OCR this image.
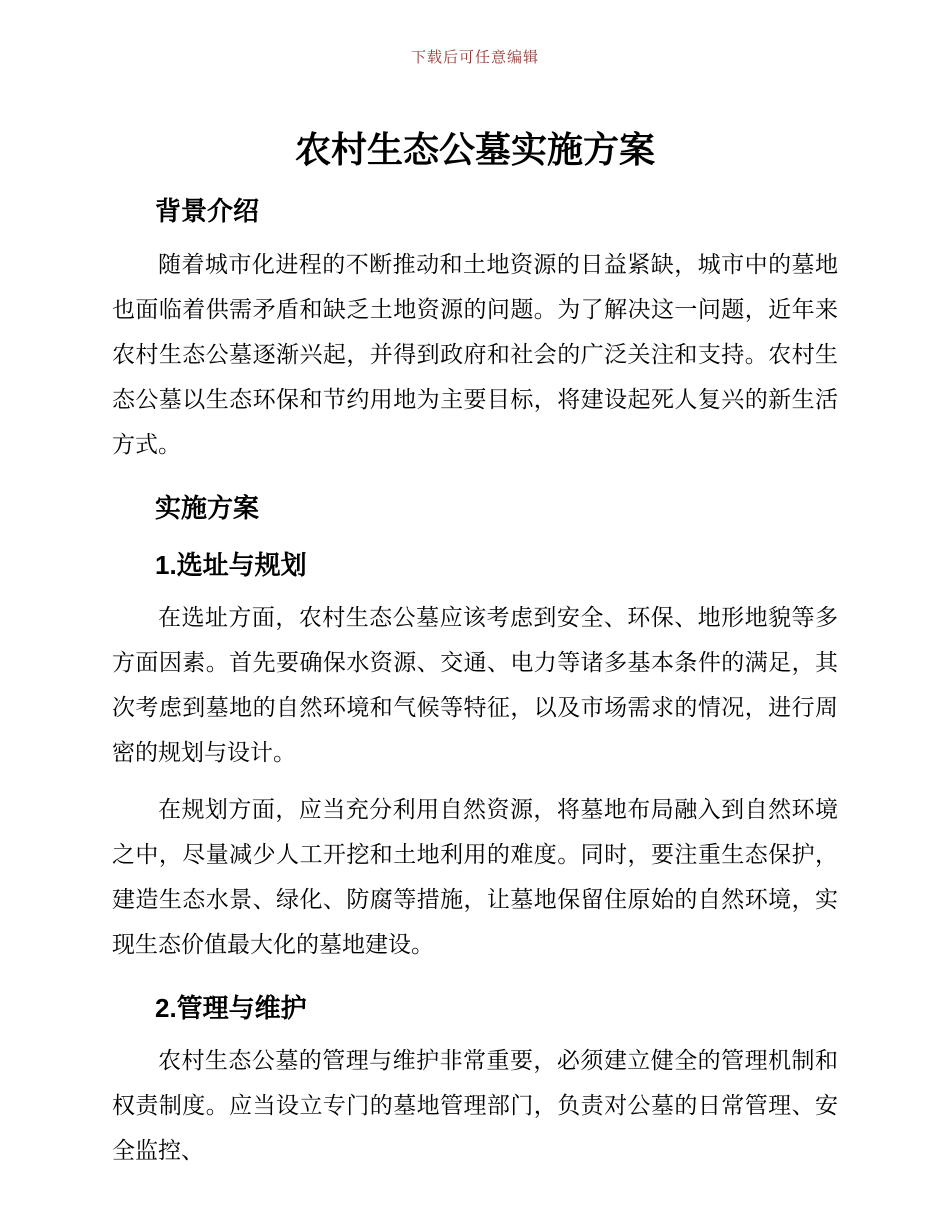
下载后可任意编辑
农村生态公墓实施方案
背景介绍

随着城市化进程的不断推动和土地资源的日益紧缺，城市中的墓地也面临着供需矛盾和缺乏土地资源的问题。为了解决这一问题，近年来农村生态公墓逐渐兴起，并得到政府和社会的广泛关注和支持。农村生态公墓以生态环保和节约用地为主要目标，将建设起死人复兴的新生活方式。

实施方案
1.选址与规划

在选址方面，农村生态公墓应该考虑到安全、环保、地形地貌等多方面因素。首先要确保水资源、交通、电力等诸多基本条件的满足，其次考虑到墓地的自然环境和气候等特征，以及市场需求的情况，进行周密的规划与设计。

在规划方面，应当充分利用自然资源，将墓地布局融入到自然环境之中，尽量减少人工开挖和土地利用的难度。同时，要注重生态保护，建造生态水景、绿化、防腐等措施，让墓地保留住原始的自然环境，实现生态价值最大化的墓地建设。

2.管理与维护

农村生态公墓的管理与维护非常重要，必须建立健全的管理机制和权责制度。应当设立专门的墓地管理部门，负责对公墓的日常管理、安全监控、
